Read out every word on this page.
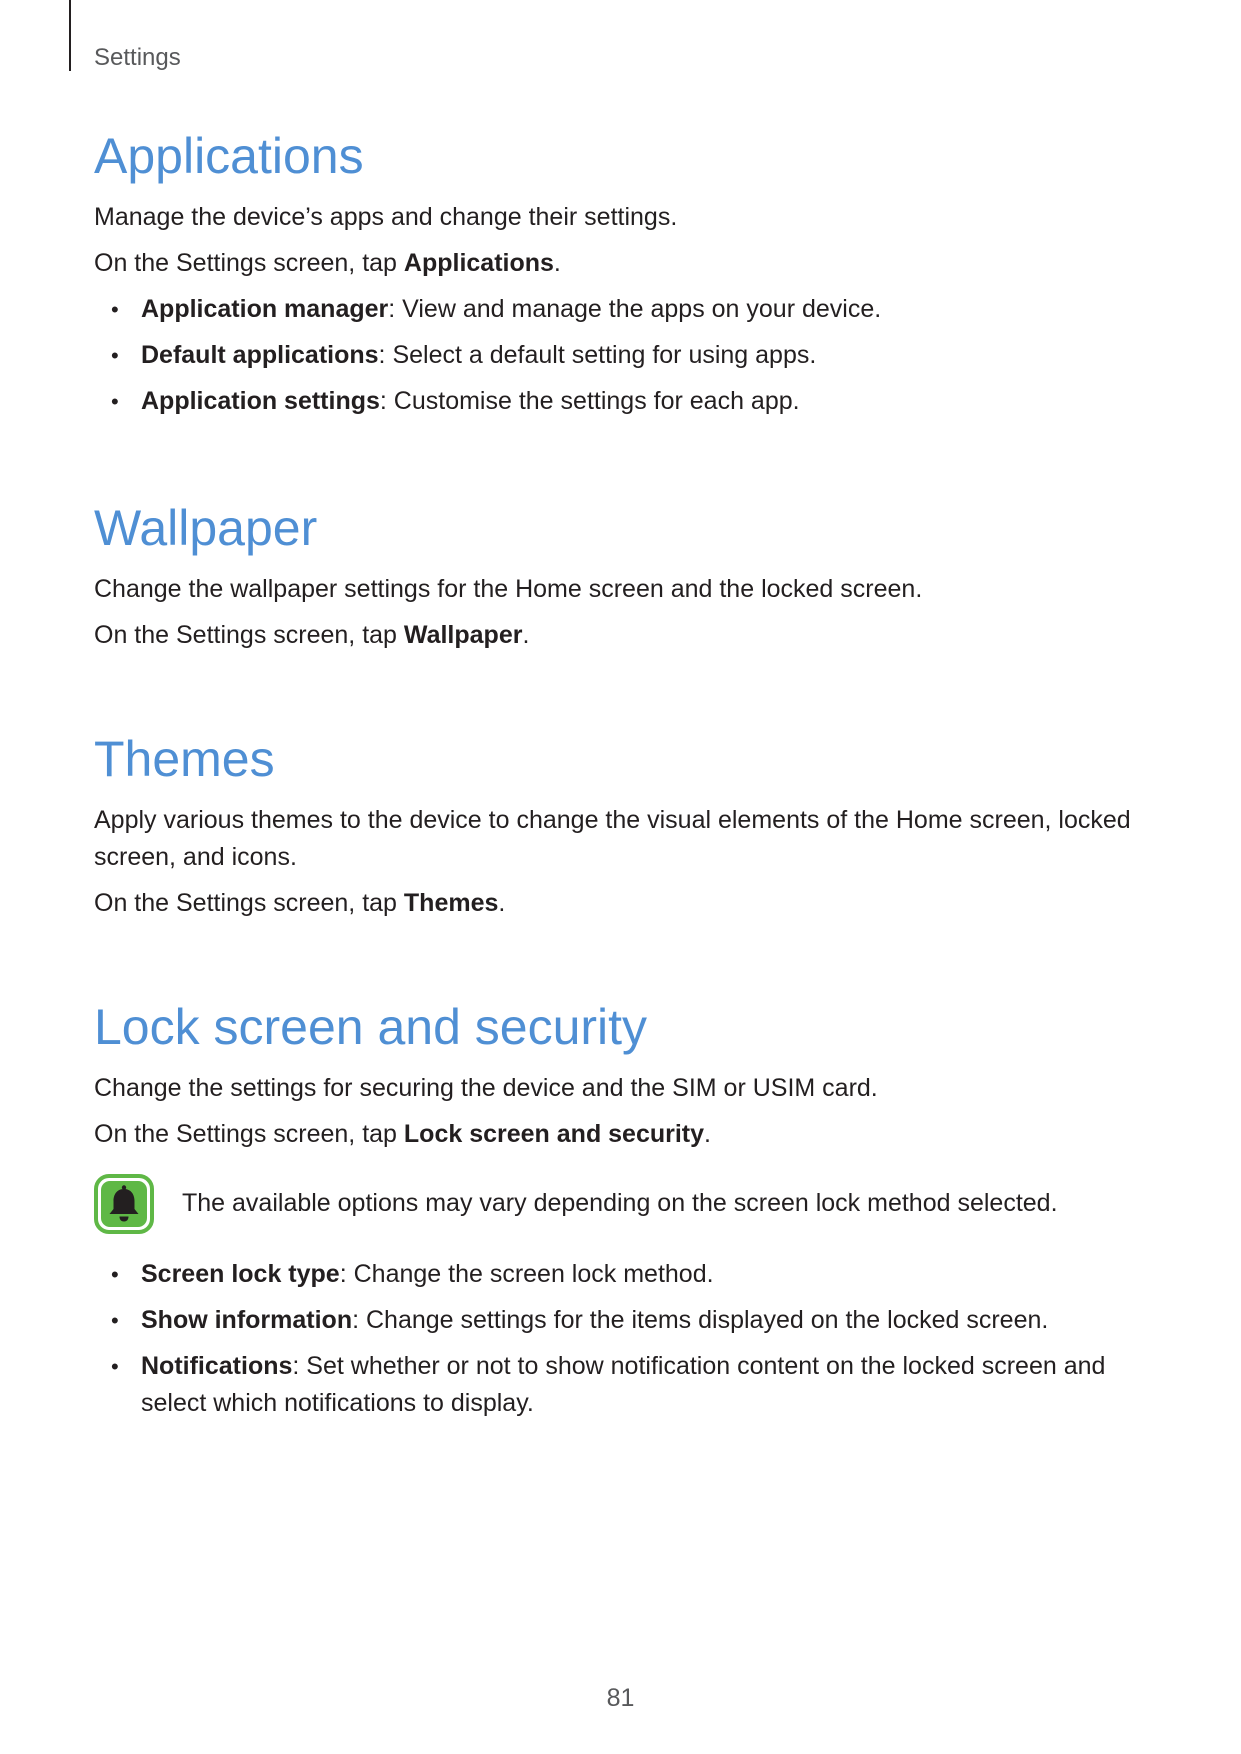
Settings
Applications

Manage the device’s apps and change their settings.

On the Settings screen, tap Applications.

• Application manager: View and manage the apps on your device.
• Default applications: Select a default setting for using apps.
• Application settings: Customise the settings for each app.
Wallpaper

Change the wallpaper settings for the Home screen and the locked screen.

On the Settings screen, tap Wallpaper.

Themes

Apply various themes to the device to change the visual elements of the Home screen, locked screen, and icons.

On the Settings screen, tap Themes.

Lock screen and security

Change the settings for securing the device and the SIM or USIM card.

On the Settings screen, tap Lock screen and security.

The available options may vary depending on the screen lock method selected.
• Screen lock type: Change the screen lock method.
• Show information: Change settings for the items displayed on the locked screen.
• Notifications: Set whether or not to show notification content on the locked screen and select which notifications to display.
81
